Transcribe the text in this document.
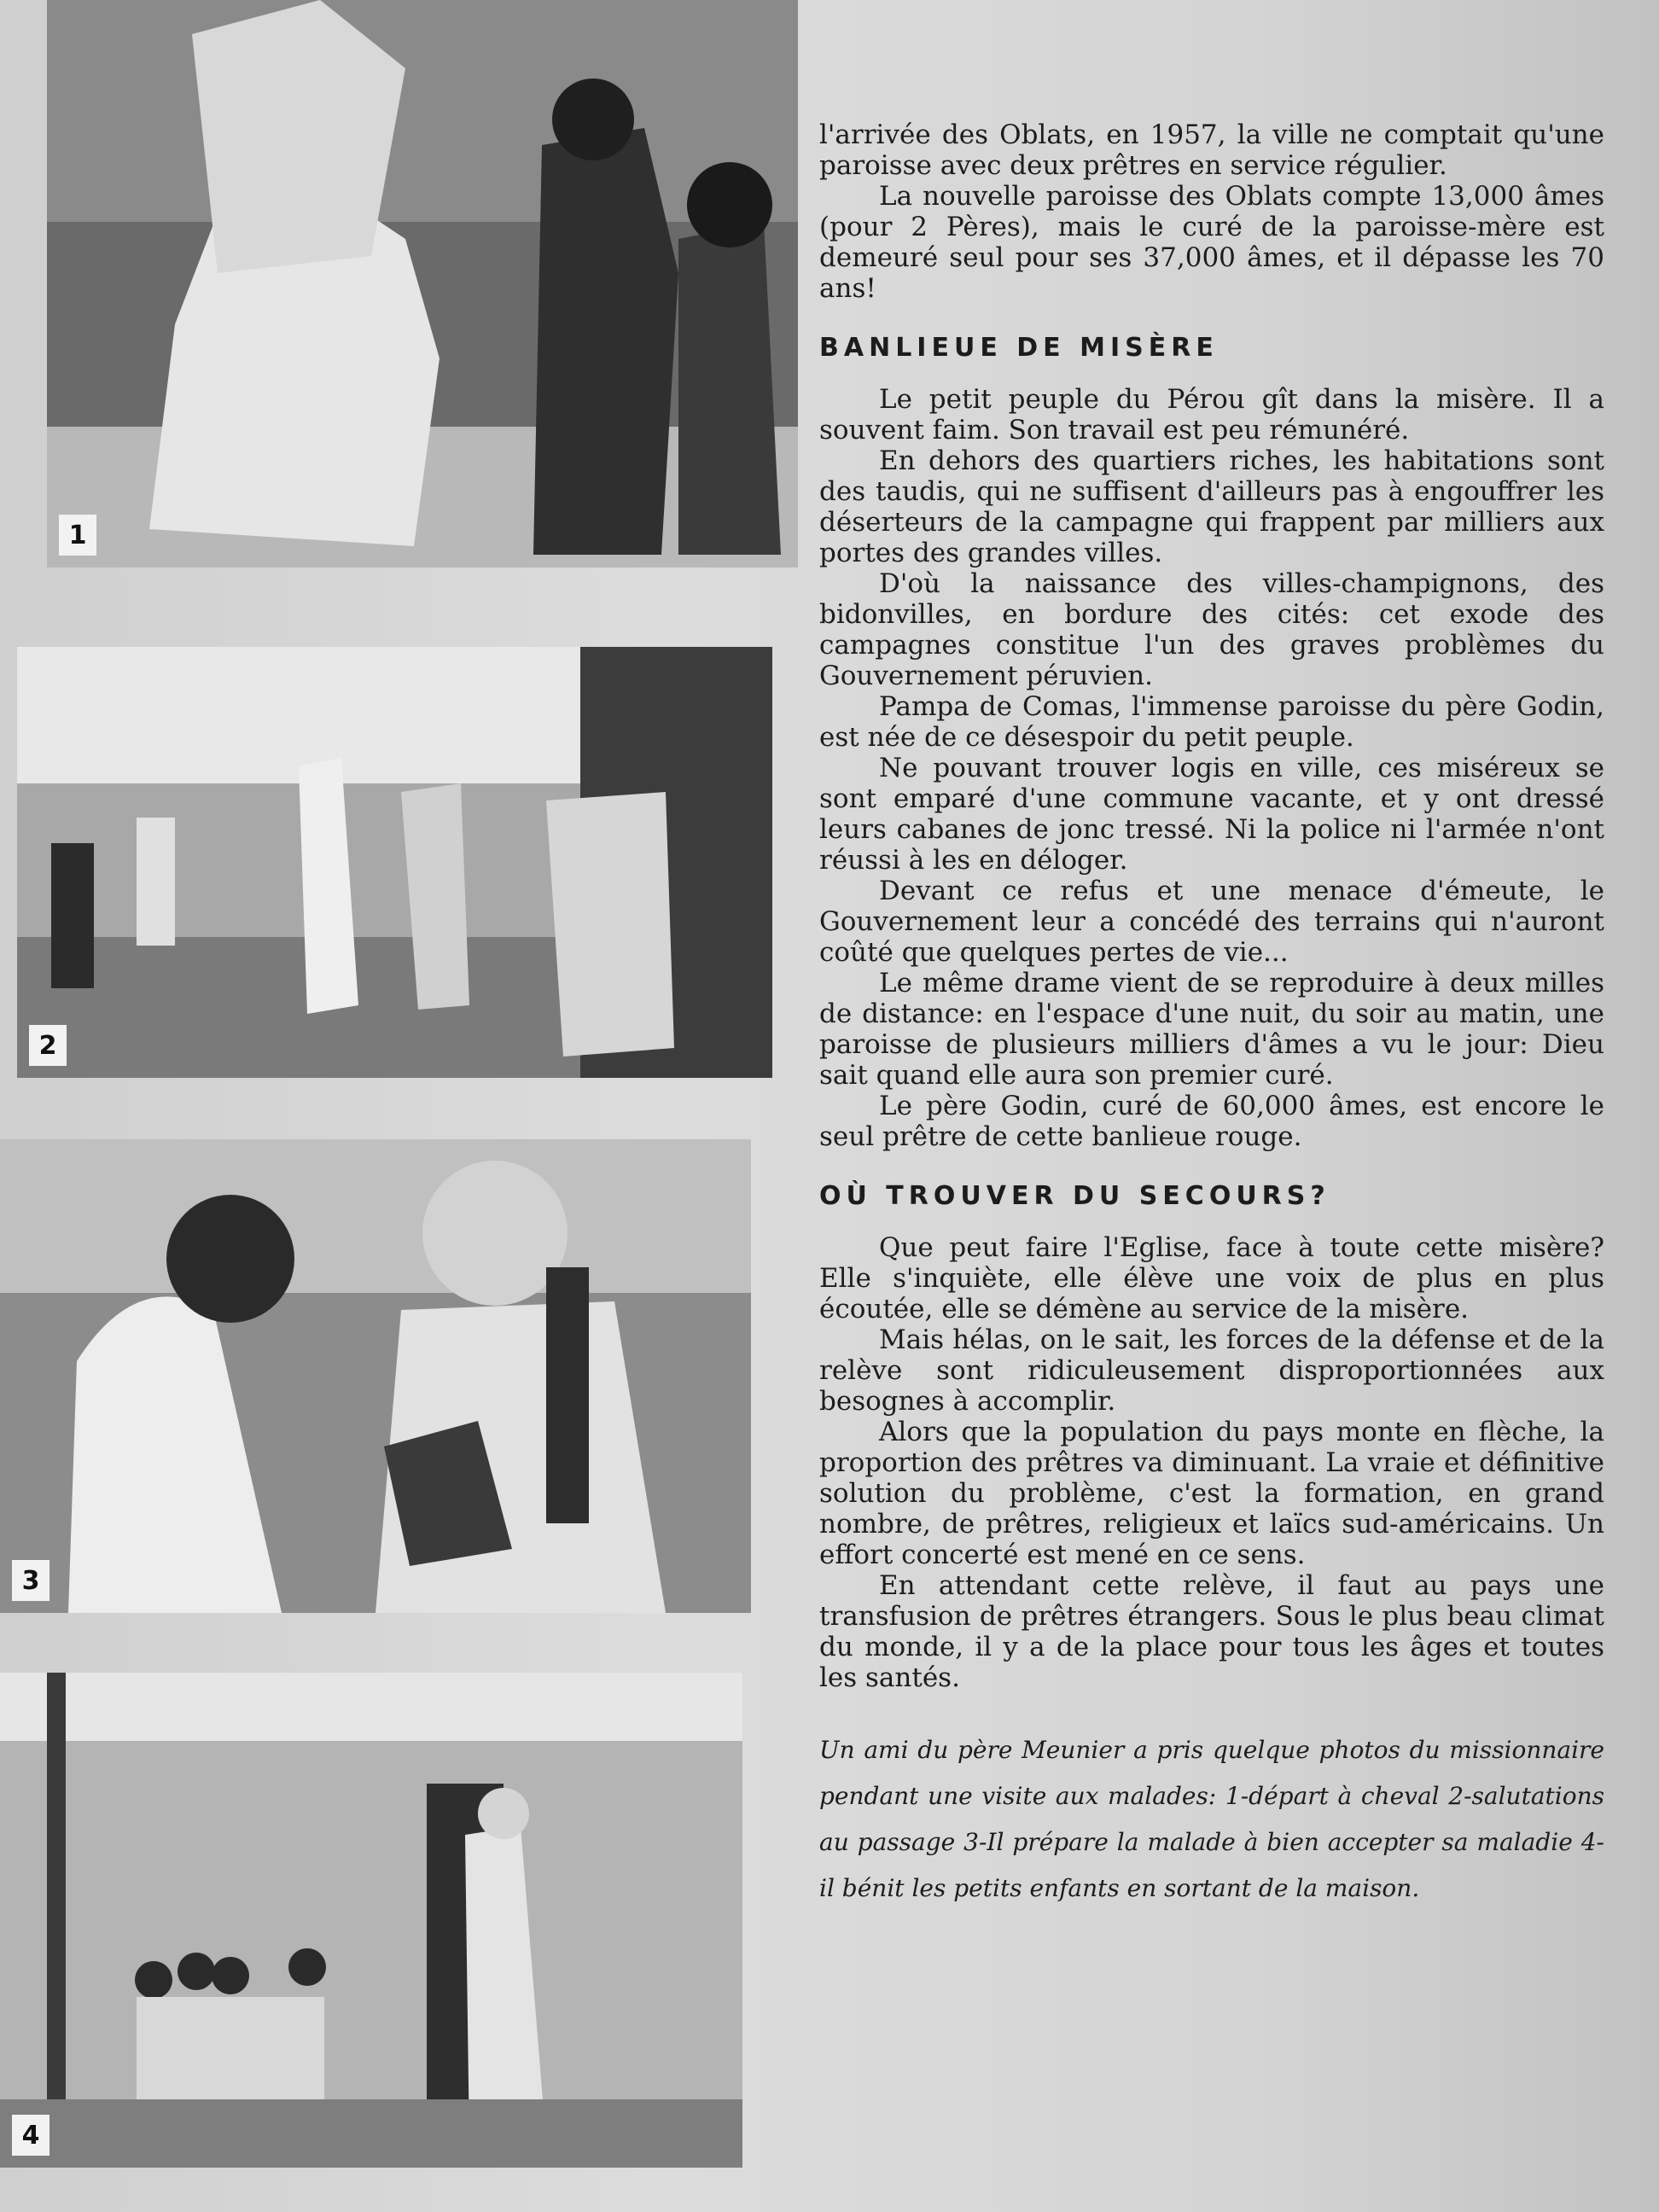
1
2
3
4

l'arrivée des Oblats, en 1957, la ville ne comptait qu'une paroisse avec deux prêtres en service régulier.

La nouvelle paroisse des Oblats compte 13,000 âmes (pour 2 Pères), mais le curé de la paroisse-mère est demeuré seul pour ses 37,000 âmes, et il dépasse les 70 ans!

BANLIEUE DE MISÈRE

Le petit peuple du Pérou gît dans la misère. Il a souvent faim. Son travail est peu rémunéré.

En dehors des quartiers riches, les habitations sont des taudis, qui ne suffisent d'ailleurs pas à engouffrer les déserteurs de la campagne qui frappent par milliers aux portes des grandes villes.

D'où la naissance des villes-champignons, des bidonvilles, en bordure des cités: cet exode des campagnes constitue l'un des graves problèmes du Gouvernement péruvien.

Pampa de Comas, l'immense paroisse du père Godin, est née de ce désespoir du petit peuple.

Ne pouvant trouver logis en ville, ces miséreux se sont emparé d'une commune vacante, et y ont dressé leurs cabanes de jonc tressé. Ni la police ni l'armée n'ont réussi à les en déloger.

Devant ce refus et une menace d'émeute, le Gouvernement leur a concédé des terrains qui n'auront coûté que quelques pertes de vie...

Le même drame vient de se reproduire à deux milles de distance: en l'espace d'une nuit, du soir au matin, une paroisse de plusieurs milliers d'âmes a vu le jour: Dieu sait quand elle aura son premier curé.

Le père Godin, curé de 60,000 âmes, est encore le seul prêtre de cette banlieue rouge.

OÙ TROUVER DU SECOURS?

Que peut faire l'Eglise, face à toute cette misère? Elle s'inquiète, elle élève une voix de plus en plus écoutée, elle se démène au service de la misère.

Mais hélas, on le sait, les forces de la défense et de la relève sont ridiculeusement disproportionnées aux besognes à accomplir.

Alors que la population du pays monte en flèche, la proportion des prêtres va diminuant. La vraie et définitive solution du problème, c'est la formation, en grand nombre, de prêtres, religieux et laïcs sud-américains. Un effort concerté est mené en ce sens.

En attendant cette relève, il faut au pays une transfusion de prêtres étrangers. Sous le plus beau climat du monde, il y a de la place pour tous les âges et toutes les santés.

Un ami du père Meunier a pris quelque photos du missionnaire pendant une visite aux malades: 1-départ à cheval 2-salutations au passage 3-Il prépare la malade à bien accepter sa maladie 4-il bénit les petits enfants en sortant de la maison.
